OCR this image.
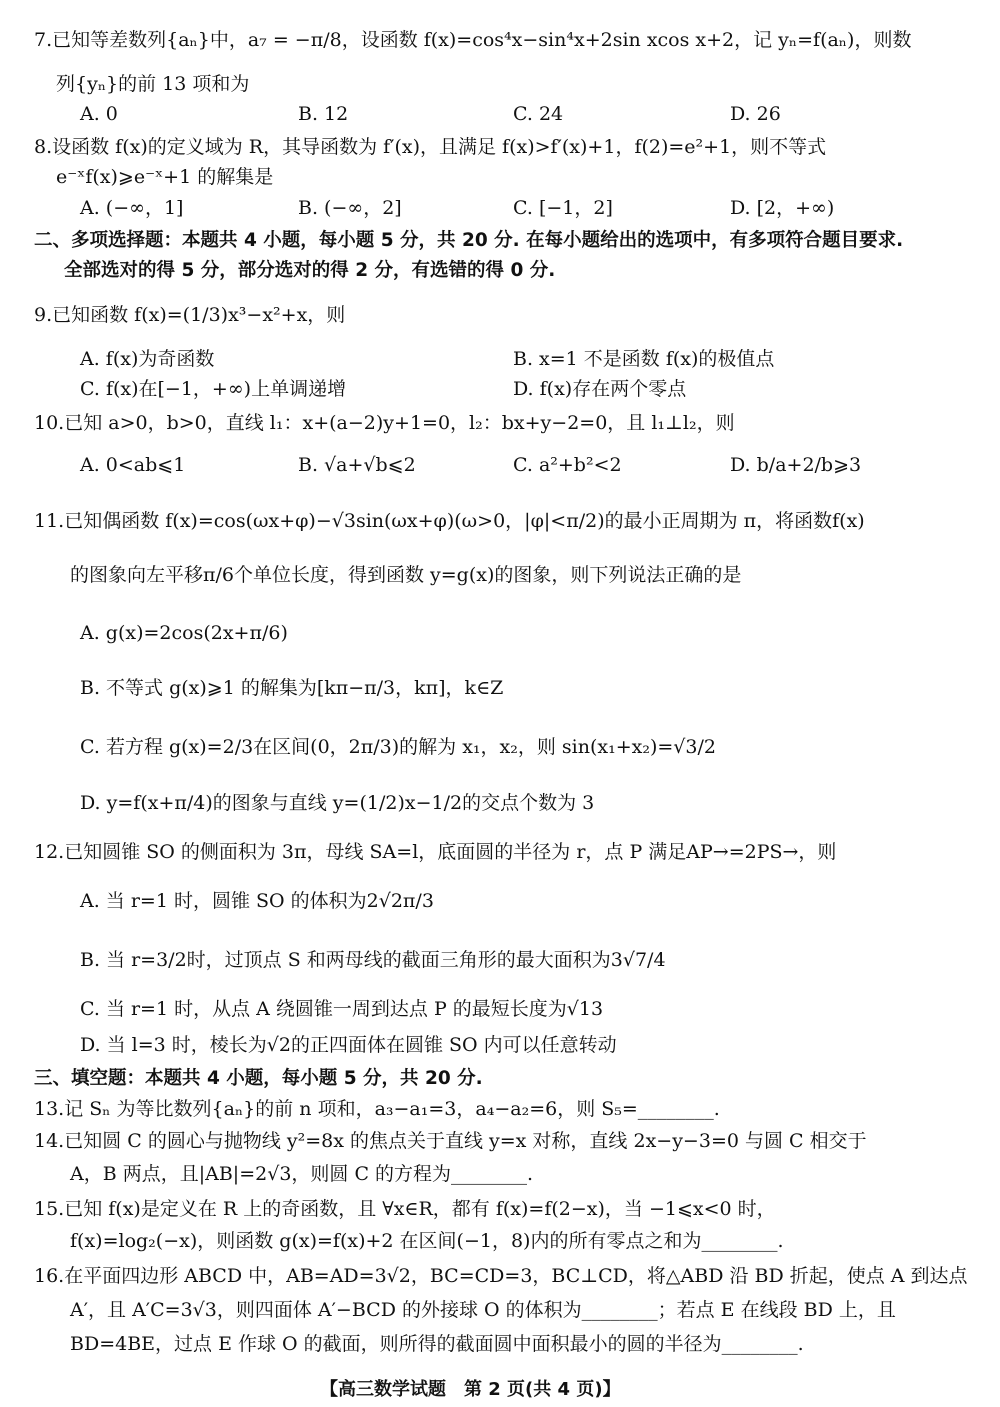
7.已知等差数列{aₙ}中，a₇ = −π/8，设函数 f(x)=cos⁴x−sin⁴x+2sin xcos x+2，记 yₙ=f(aₙ)，则数
列{yₙ}的前 13 项和为
A. 0	B. 12	C. 24	D. 26
8.设函数 f(x)的定义域为 R，其导函数为 f′(x)，且满足 f(x)>f′(x)+1，f(2)=e²+1，则不等式
e⁻ˣf(x)⩾e⁻ˣ+1 的解集是
A. (−∞，1]	B. (−∞，2]	C. [−1，2]	D. [2，+∞)
二、多项选择题：本题共 4 小题，每小题 5 分，共 20 分. 在每小题给出的选项中，有多项符合题目要求.
全部选对的得 5 分，部分选对的得 2 分，有选错的得 0 分.
9.已知函数 f(x)=(1/3)x³−x²+x，则
A. f(x)为奇函数	B. x=1 不是函数 f(x)的极值点
C. f(x)在[−1，+∞)上单调递增	D. f(x)存在两个零点
10.已知 a>0，b>0，直线 l₁：x+(a−2)y+1=0，l₂：bx+y−2=0，且 l₁⊥l₂，则
A. 0<ab⩽1	B. √a+√b⩽2	C. a²+b²<2	D. b/a+2/b⩾3
11.已知偶函数 f(x)=cos(ωx+φ)−√3sin(ωx+φ)(ω>0，|φ|<π/2)的最小正周期为 π，将函数f(x)
的图象向左平移π/6个单位长度，得到函数 y=g(x)的图象，则下列说法正确的是
A. g(x)=2cos(2x+π/6)
B. 不等式 g(x)⩾1 的解集为[kπ−π/3，kπ]，k∈Z
C. 若方程 g(x)=2/3在区间(0，2π/3)的解为 x₁，x₂，则 sin(x₁+x₂)=√3/2
D. y=f(x+π/4)的图象与直线 y=(1/2)x−1/2的交点个数为 3
12.已知圆锥 SO 的侧面积为 3π，母线 SA=l，底面圆的半径为 r，点 P 满足AP→=2PS→，则
A. 当 r=1 时，圆锥 SO 的体积为2√2π/3
B. 当 r=3/2时，过顶点 S 和两母线的截面三角形的最大面积为3√7/4
C. 当 r=1 时，从点 A 绕圆锥一周到达点 P 的最短长度为√13
D. 当 l=3 时，棱长为√2的正四面体在圆锥 SO 内可以任意转动
三、填空题：本题共 4 小题，每小题 5 分，共 20 分.
13.记 Sₙ 为等比数列{aₙ}的前 n 项和，a₃−a₁=3，a₄−a₂=6，则 S₅=________.
14.已知圆 C 的圆心与抛物线 y²=8x 的焦点关于直线 y=x 对称，直线 2x−y−3=0 与圆 C 相交于
A，B 两点，且|AB|=2√3，则圆 C 的方程为________.
15.已知 f(x)是定义在 R 上的奇函数，且 ∀x∈R，都有 f(x)=f(2−x)，当 −1⩽x<0 时，
f(x)=log₂(−x)，则函数 g(x)=f(x)+2 在区间(−1，8)内的所有零点之和为________.
16.在平面四边形 ABCD 中，AB=AD=3√2，BC=CD=3，BC⊥CD，将△ABD 沿 BD 折起，使点 A 到达点
A′，且 A′C=3√3，则四面体 A′−BCD 的外接球 O 的体积为________；若点 E 在线段 BD 上，且
BD=4BE，过点 E 作球 O 的截面，则所得的截面圆中面积最小的圆的半径为________.
【高三数学试题　第 2 页(共 4 页)】
